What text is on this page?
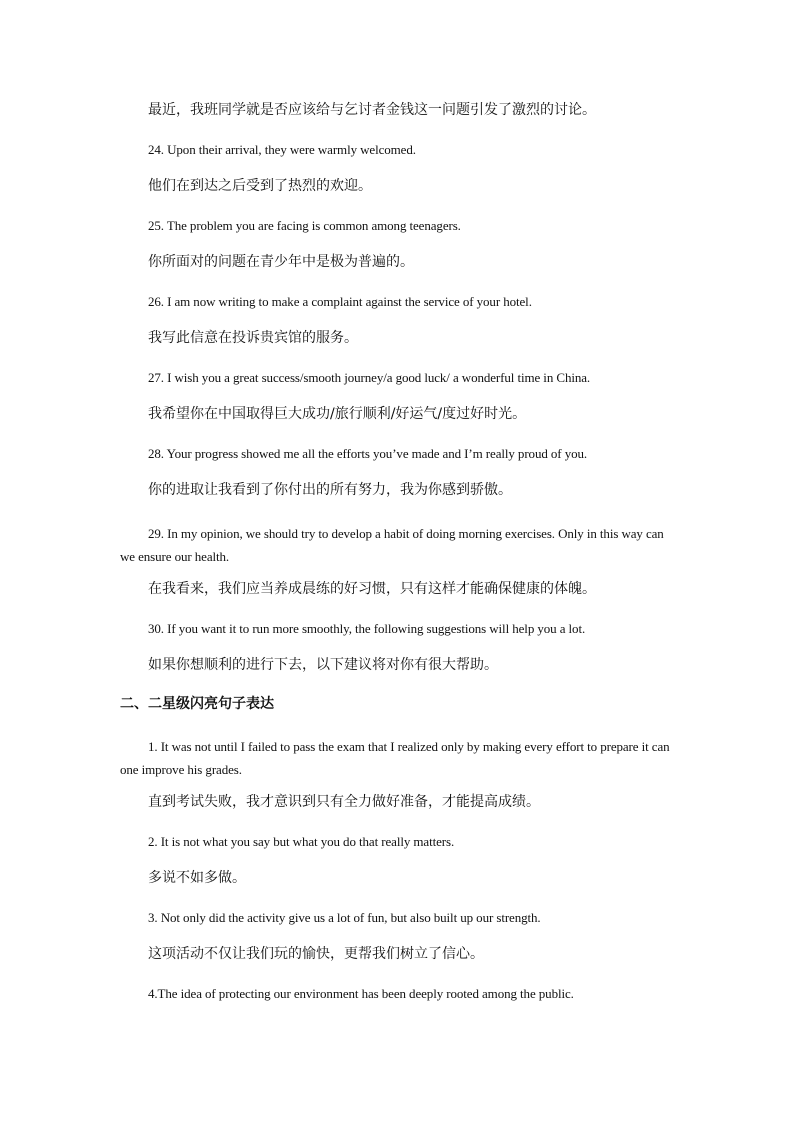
最近，我班同学就是否应该给与乞讨者金钱这一问题引发了激烈的讨论。

24. Upon their arrival, they were warmly welcomed.

他们在到达之后受到了热烈的欢迎。

25. The problem you are facing is common among teenagers.

你所面对的问题在青少年中是极为普遍的。

26. I am now writing to make a complaint against the service of your hotel.

我写此信意在投诉贵宾馆的服务。

27. I wish you a great success/smooth journey/a good luck/ a wonderful time in China.

我希望你在中国取得巨大成功/旅行顺利/好运气/度过好时光。

28. Your progress showed me all the efforts you’ve made and I’m really proud of you.

你的进取让我看到了你付出的所有努力，我为你感到骄傲。

29. In my opinion, we should try to develop a habit of doing morning exercises. Only in this way can we ensure our health.

在我看来，我们应当养成晨练的好习惯，只有这样才能确保健康的体魄。

30. If you want it to run more smoothly, the following suggestions will help you a lot.

如果你想顺利的进行下去，以下建议将对你有很大帮助。

二、二星级闪亮句子表达

1. It was not until I failed to pass the exam that I realized only by making every effort to prepare it can one improve his grades.

直到考试失败，我才意识到只有全力做好准备，才能提高成绩。

2. It is not what you say but what you do that really matters.

多说不如多做。

3. Not only did the activity give us a lot of fun, but also built up our strength.

这项活动不仅让我们玩的愉快，更帮我们树立了信心。

4.The idea of protecting our environment has been deeply rooted among the public.
